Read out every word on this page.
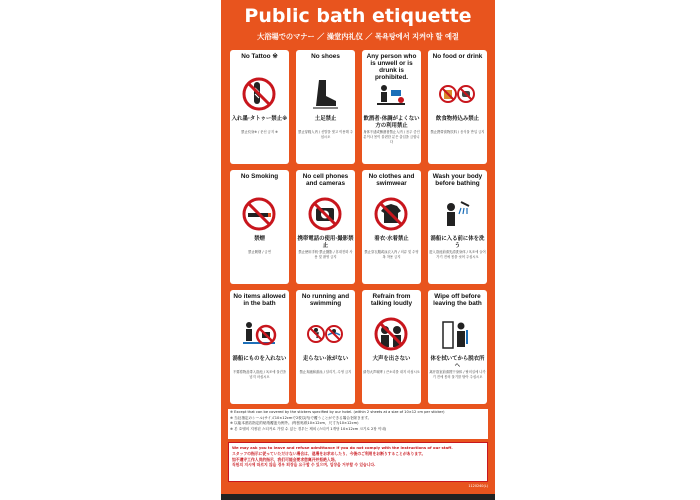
Public bath etiquette
大浴場でのマナー ／ 澡堂内礼仪 ／ 목욕탕에서 지켜야 할 예절
No Tattoo ※
入れ墨·タトゥー禁止※
禁止纹身※ / 문신 금지 ※
No shoes
土足禁止
禁止穿鞋入内 / 신발을 벗고 이용해 주십시오
Any person who is unwell or is drunk is prohibited.
飲酒者·体調がよくない方の利用禁止
身体不适或醉酒者禁止入内 / 음주 중인 분이나 몸이 불편한 분은 출입을 금합니다
No food or drink
飲食物持込み禁止
禁止携带食物饮料 / 음식물 반입 금지
No Smoking
禁煙
禁止吸烟 / 금연
No cell phones and cameras
携帯電話の使用·撮影禁止
禁止使用手机·禁止摄影 / 휴대전화 사용 및 촬영 금지
No clothes and swimwear
着衣·水着禁止
禁止穿衣服或泳衣入内 / 의류 및 수영복 착용 금지
Wash your body before bathing
湯船に入る前に体を洗う
进入浴池前请先清洗身体 / 욕조에 들어가기 전에 몸을 씻어 주십시오
No items allowed in the bath
湯船にものを入れない
不要将物品带入浴池 / 욕조에 물건을 넣지 마십시오
No running and swimming
走らない·泳がない
禁止奔跑和游泳 / 달리기, 수영 금지
Refrain from talking loudly
大声を出さない
请勿大声喧哗 / 큰소리를 내지 마십시오
Wipe off before leaving the bath
体を拭いてから脱衣所へ
离开浴室前请擦干身体 / 탈의실에 나가기 전에 몸의 물기를 닦아 주십시오
※ Except that can be covered by the stickers specified by our hotel. (within 2 sheets at a size of 10×12 cm per sticker)
※ 当社指定のシール(サイズ10×12cmで2枚以内)で覆うことができる場合を除きます。
※ 以能本酒店指定的贴纸覆盖为例外。(每张贴纸10×12cm，尺寸为10×12cm)
※ 본 호텔의 지정된 스티커로 가릴 수 있는 경우는 제외 (스티커 1개당 10×12cm 크기로 2장 이내)
We may ask you to leave and refuse admittance if you do not comply with the instructions of our staff.
スタッフの指示に従っていただけない場合は、退場をお求めしたり、今後のご利用をお断りすることがあります。
如不遵守工作人员的指示，我们可能会要求您离开并拒绝入场。
직원의 지시에 따르지 않을 경우 퇴장을 요구할 수 있으며, 입장을 거부할 수 있습니다.
1120240(L)
